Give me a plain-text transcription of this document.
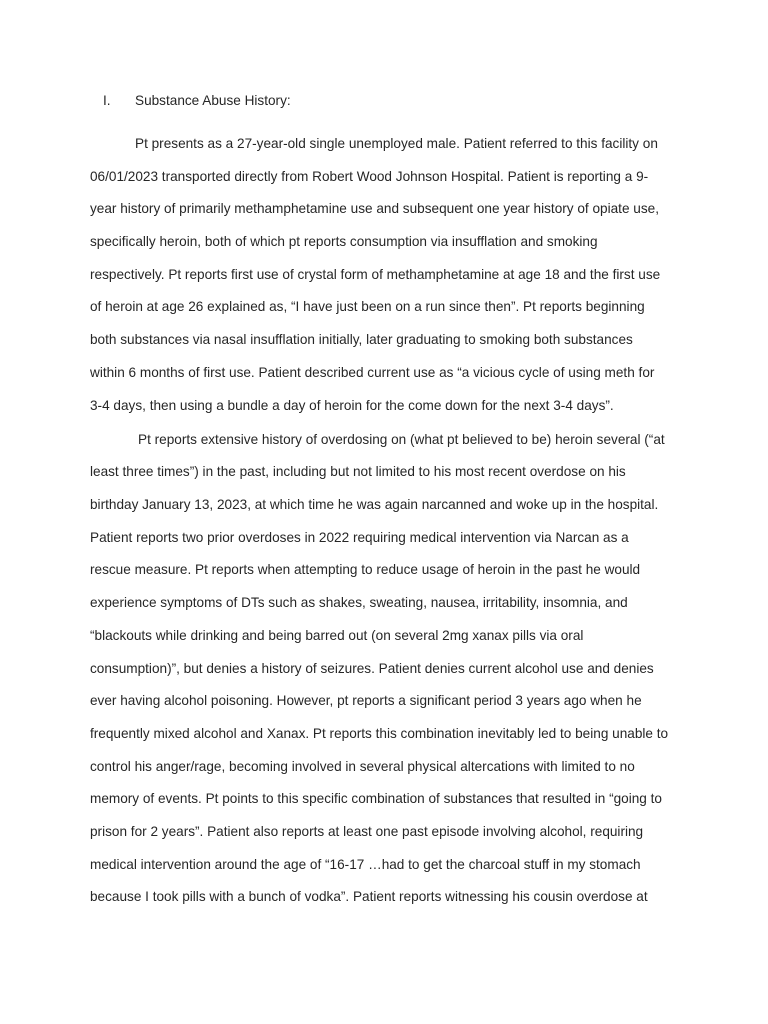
I. Substance Abuse History:
Pt presents as a 27-year-old single unemployed male. Patient referred to this facility on
06/01/2023 transported directly from Robert Wood Johnson Hospital. Patient is reporting a 9-
year history of primarily methamphetamine use and subsequent one year history of opiate use,
specifically heroin, both of which pt reports consumption via insufflation and smoking
respectively. Pt reports first use of crystal form of methamphetamine at age 18 and the first use
of heroin at age 26 explained as, “I have just been on a run since then”. Pt reports beginning
both substances via nasal insufflation initially, later graduating to smoking both substances
within 6 months of first use. Patient described current use as “a vicious cycle of using meth for
3-4 days, then using a bundle a day of heroin for the come down for the next 3-4 days”.
Pt reports extensive history of overdosing on (what pt believed to be) heroin several (“at
least three times”) in the past, including but not limited to his most recent overdose on his
birthday January 13, 2023, at which time he was again narcanned and woke up in the hospital.
Patient reports two prior overdoses in 2022 requiring medical intervention via Narcan as a
rescue measure. Pt reports when attempting to reduce usage of heroin in the past he would
experience symptoms of DTs such as shakes, sweating, nausea, irritability, insomnia, and
“blackouts while drinking and being barred out (on several 2mg xanax pills via oral
consumption)”, but denies a history of seizures. Patient denies current alcohol use and denies
ever having alcohol poisoning. However, pt reports a significant period 3 years ago when he
frequently mixed alcohol and Xanax. Pt reports this combination inevitably led to being unable to
control his anger/rage, becoming involved in several physical altercations with limited to no
memory of events. Pt points to this specific combination of substances that resulted in “going to
prison for 2 years”. Patient also reports at least one past episode involving alcohol, requiring
medical intervention around the age of “16-17 …had to get the charcoal stuff in my stomach
because I took pills with a bunch of vodka”. Patient reports witnessing his cousin overdose at
